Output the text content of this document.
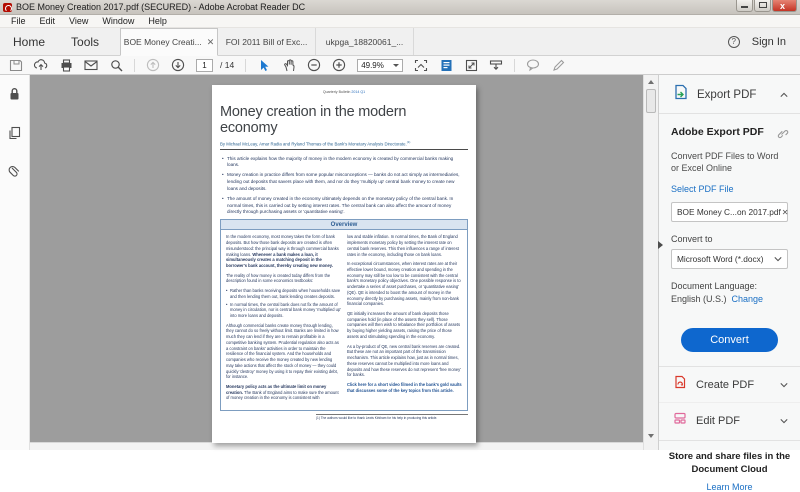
BOE Money Creation 2017.pdf (SECURED) - Adobe Acrobat Reader DC	x
File	Edit	View	Window	Help
Home	Tools	BOE Money Creati... ✕ FOI 2011 Bill of Exc... ukpga_18820061_...	?	Sign In
1
/ 14	49.9%
Quarterly Bulletin 2014 Q1
Money creation in the modern economy
By Michael McLeay, Amar Radia and Ryland Thomas of the Bank's Monetary Analysis Directorate.$^{(1)}$
• This article explains how the majority of money in the modern economy is created by commercial banks making loans.
• Money creation in practice differs from some popular misconceptions — banks do not act simply as intermediaries, lending out deposits that savers place with them, and nor do they 'multiply up' central bank money to create new loans and deposits.
• The amount of money created in the economy ultimately depends on the monetary policy of the central bank. In normal times, this is carried out by setting interest rates. The central bank can also affect the amount of money directly through purchasing assets or 'quantitative easing'.
Overview

In the modern economy, most money takes the form of bank deposits. But how those bank deposits are created is often misunderstood: the principal way is through commercial banks making loans. Whenever a bank makes a loan, it simultaneously creates a matching deposit in the borrower's bank account, thereby creating new money.

The reality of how money is created today differs from the description found in some economics textbooks:

• Rather than banks receiving deposits when households save and then lending them out, bank lending creates deposits.
• In normal times, the central bank does not fix the amount of money in circulation, nor is central bank money 'multiplied up' into more loans and deposits.

Although commercial banks create money through lending, they cannot do so freely without limit. Banks are limited in how much they can lend if they are to remain profitable in a competitive banking system. Prudential regulation also acts as a constraint on banks' activities in order to maintain the resilience of the financial system. And the households and companies who receive the money created by new lending may take actions that affect the stock of money — they could quickly 'destroy' money by using it to repay their existing debt, for instance.

Monetary policy acts as the ultimate limit on money creation. The Bank of England aims to make sure the amount of money creation in the economy is consistent with

low and stable inflation. In normal times, the Bank of England implements monetary policy by setting the interest rate on central bank reserves. This then influences a range of interest rates in the economy, including those on bank loans.

In exceptional circumstances, when interest rates are at their effective lower bound, money creation and spending in the economy may still be too low to be consistent with the central bank's monetary policy objectives. One possible response is to undertake a series of asset purchases, or 'quantitative easing' (QE). QE is intended to boost the amount of money in the economy directly by purchasing assets, mainly from non-bank financial companies.

QE initially increases the amount of bank deposits those companies hold (in place of the assets they sell). Those companies will then wish to rebalance their portfolios of assets by buying higher yielding assets, raising the price of those assets and stimulating spending in the economy.

As a by-product of QE, new central bank reserves are created. But these are not an important part of the transmission mechanism. This article explains how, just as in normal times, these reserves cannot be multiplied into more loans and deposits and how these reserves do not represent 'free money' for banks.

Click here for a short video filmed in the bank's gold vaults that discusses some of the key topics from this article.

(1) The authors would like to thank Lewis Kirkham for his help in producing this article.
Export PDF
Adobe Export PDF
Convert PDF Files to Word or Excel Online
Select PDF File
BOE Money C...on 2017.pdf ✕
Convert to
Microsoft Word (*.docx)
Document Language:
English (U.S.) Change
Convert
Create PDF
Edit PDF
Store and share files in the Document Cloud
Learn More
